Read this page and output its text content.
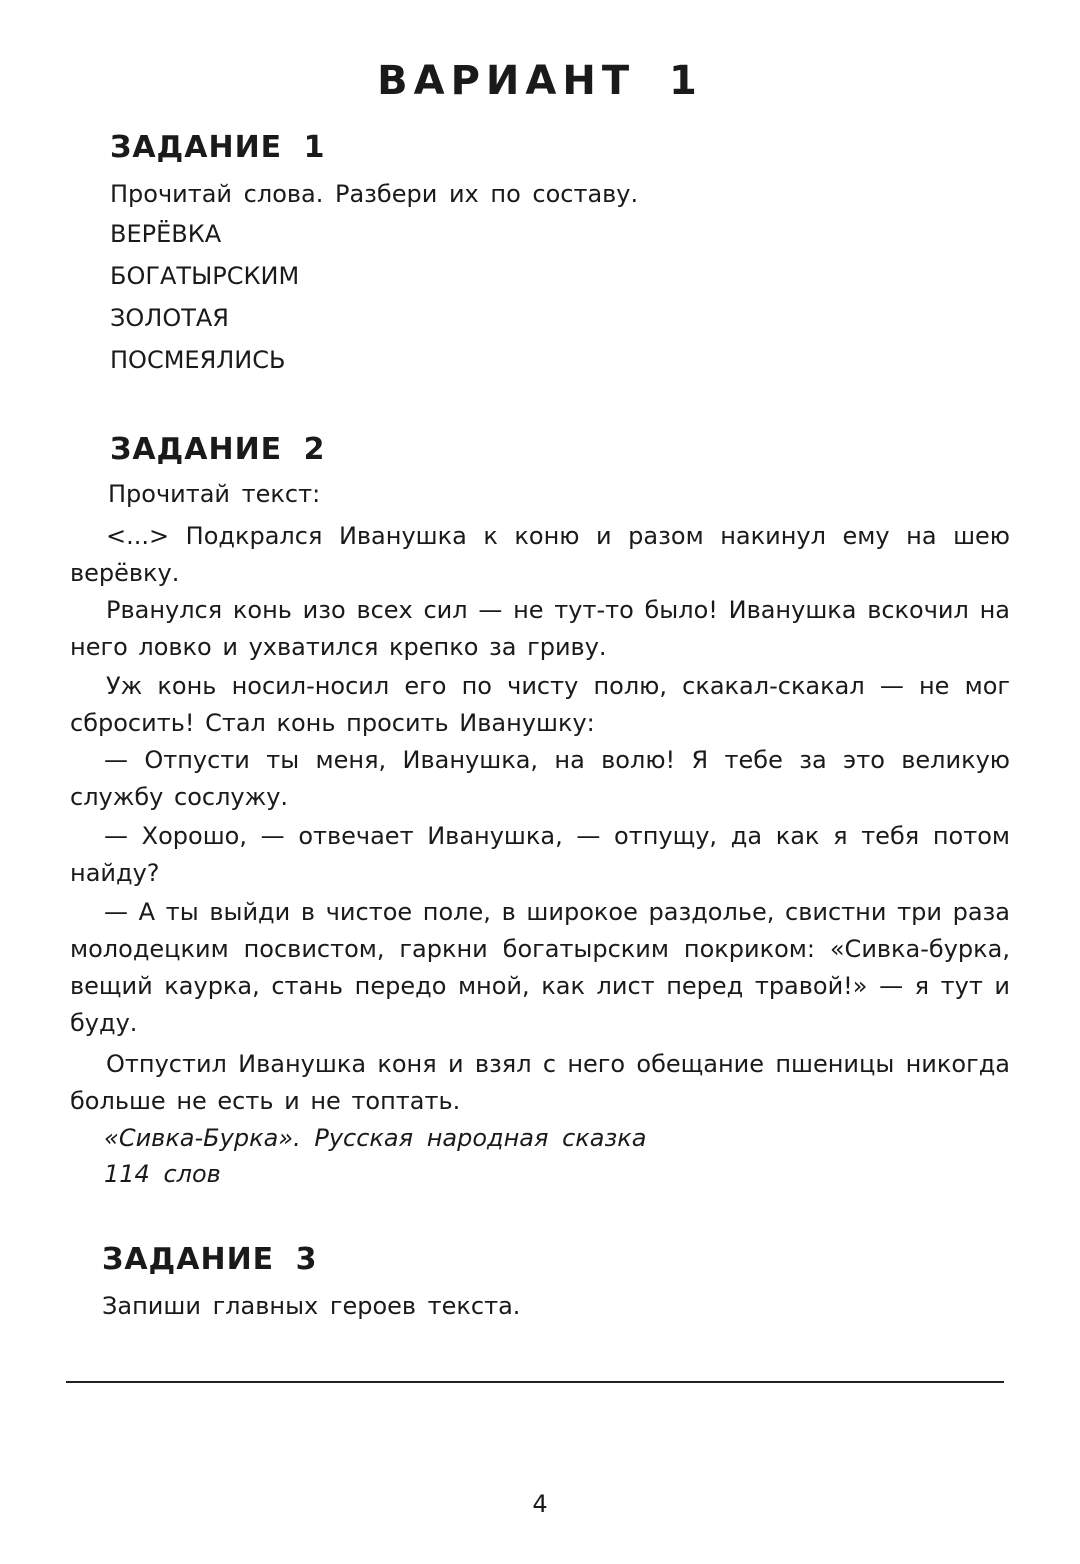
ВАРИАНТ 1
ЗАДАНИЕ 1
Прочитай слова. Разбери их по составу.
ВЕРЁВКА
БОГАТЫРСКИМ
ЗОЛОТАЯ
ПОСМЕЯЛИСЬ
ЗАДАНИЕ 2
Прочитай текст:
<...> Подкрался Иванушка к коню и разом накинул ему на шею верёвку.
Рванулся конь изо всех сил — не тут-то было! Иванушка вскочил на него ловко и ухватился крепко за гриву.
Уж конь носил-носил его по чисту полю, скакал-скакал — не мог сбросить! Стал конь просить Иванушку:
— Отпусти ты меня, Иванушка, на волю! Я тебе за это великую службу сослужу.
— Хорошо, — отвечает Иванушка, — отпущу, да как я тебя потом найду?
— А ты выйди в чистое поле, в широкое раздолье, свистни три раза молодецким посвистом, гаркни богатырским покриком: «Сивка-бурка, вещий каурка, стань передо мной, как лист перед травой!» — я тут и буду.
Отпустил Иванушка коня и взял с него обещание пшеницы никогда больше не есть и не топтать.
«Сивка-Бурка». Русская народная сказка
114 слов
ЗАДАНИЕ 3
Запиши главных героев текста.
4
